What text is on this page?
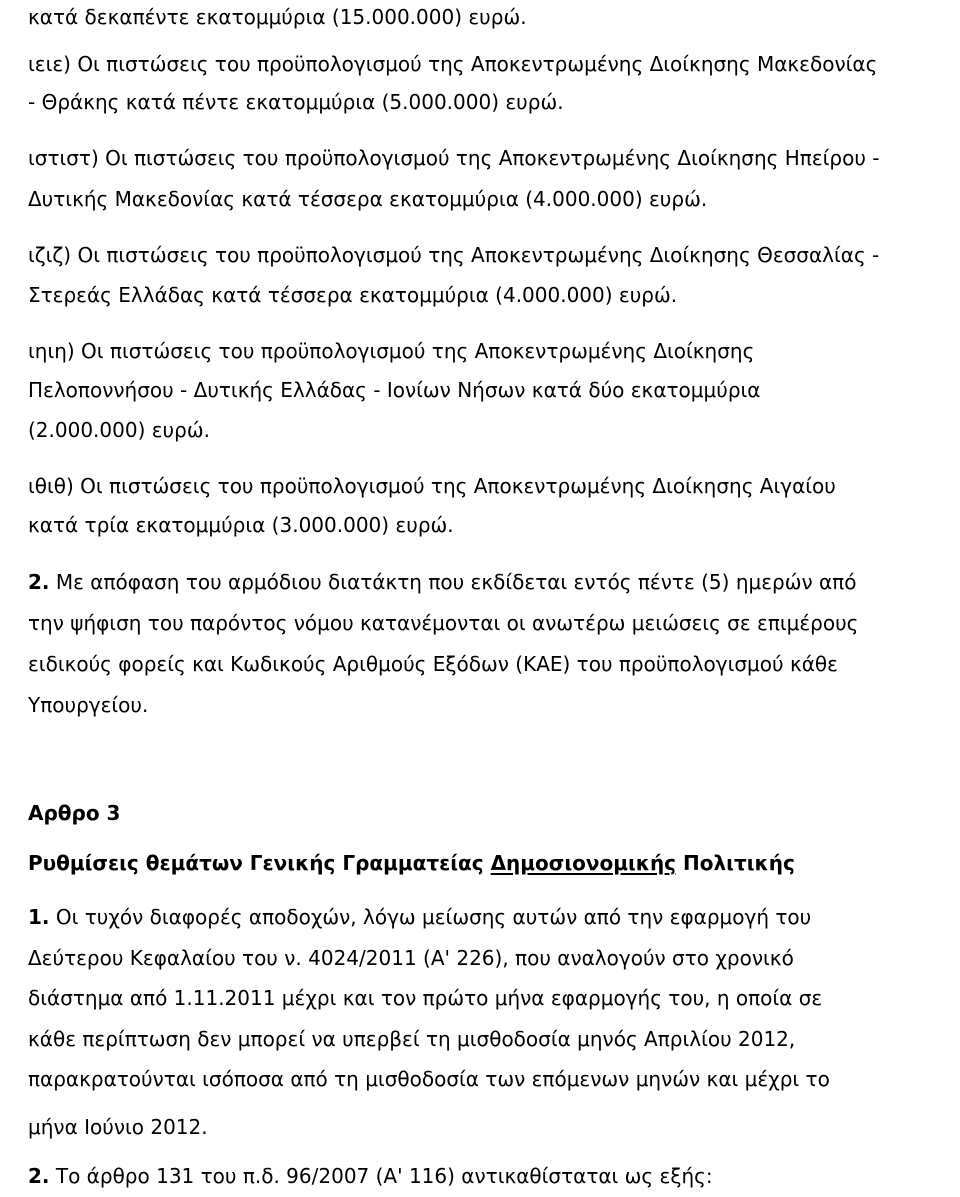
κατά δεκαπέντε εκατομμύρια (15.000.000) ευρώ.
ιειε) Οι πιστώσεις του προϋπολογισμού της Αποκεντρωμένης Διοίκησης Μακεδονίας
- Θράκης κατά πέντε εκατομμύρια (5.000.000) ευρώ.
ιστιστ) Οι πιστώσεις του προϋπολογισμού της Αποκεντρωμένης Διοίκησης Ηπείρου -
Δυτικής Μακεδονίας κατά τέσσερα εκατομμύρια (4.000.000) ευρώ.
ιζιζ) Οι πιστώσεις του προϋπολογισμού της Αποκεντρωμένης Διοίκησης Θεσσαλίας -
Στερεάς Ελλάδας κατά τέσσερα εκατομμύρια (4.000.000) ευρώ.
ιηιη) Οι πιστώσεις του προϋπολογισμού της Αποκεντρωμένης Διοίκησης
Πελοποννήσου - Δυτικής Ελλάδας - Ιονίων Νήσων κατά δύο εκατομμύρια
(2.000.000) ευρώ.
ιθιθ) Οι πιστώσεις του προϋπολογισμού της Αποκεντρωμένης Διοίκησης Αιγαίου
κατά τρία εκατομμύρια (3.000.000) ευρώ.
2. Με απόφαση του αρμόδιου διατάκτη που εκδίδεται εντός πέντε (5) ημερών από
την ψήφιση του παρόντος νόμου κατανέμονται οι ανωτέρω μειώσεις σε επιμέρους
ειδικούς φορείς και Κωδικούς Αριθμούς Εξόδων (ΚΑΕ) του προϋπολογισμού κάθε
Υπουργείου.
Αρθρο 3
Ρυθμίσεις θεμάτων Γενικής Γραμματείας Δημοσιονομικής Πολιτικής
1. Οι τυχόν διαφορές αποδοχών, λόγω μείωσης αυτών από την εφαρμογή του
Δεύτερου Κεφαλαίου του ν. 4024/2011 (Α' 226), που αναλογούν στο χρονικό
διάστημα από 1.11.2011 μέχρι και τον πρώτο μήνα εφαρμογής του, η οποία σε
κάθε περίπτωση δεν μπορεί να υπερβεί τη μισθοδοσία μηνός Απριλίου 2012,
παρακρατούνται ισόποσα από τη μισθοδοσία των επόμενων μηνών και μέχρι το
μήνα Ιούνιο 2012.
2. Το άρθρο 131 του π.δ. 96/2007 (Α' 116) αντικαθίσταται ως εξής:
